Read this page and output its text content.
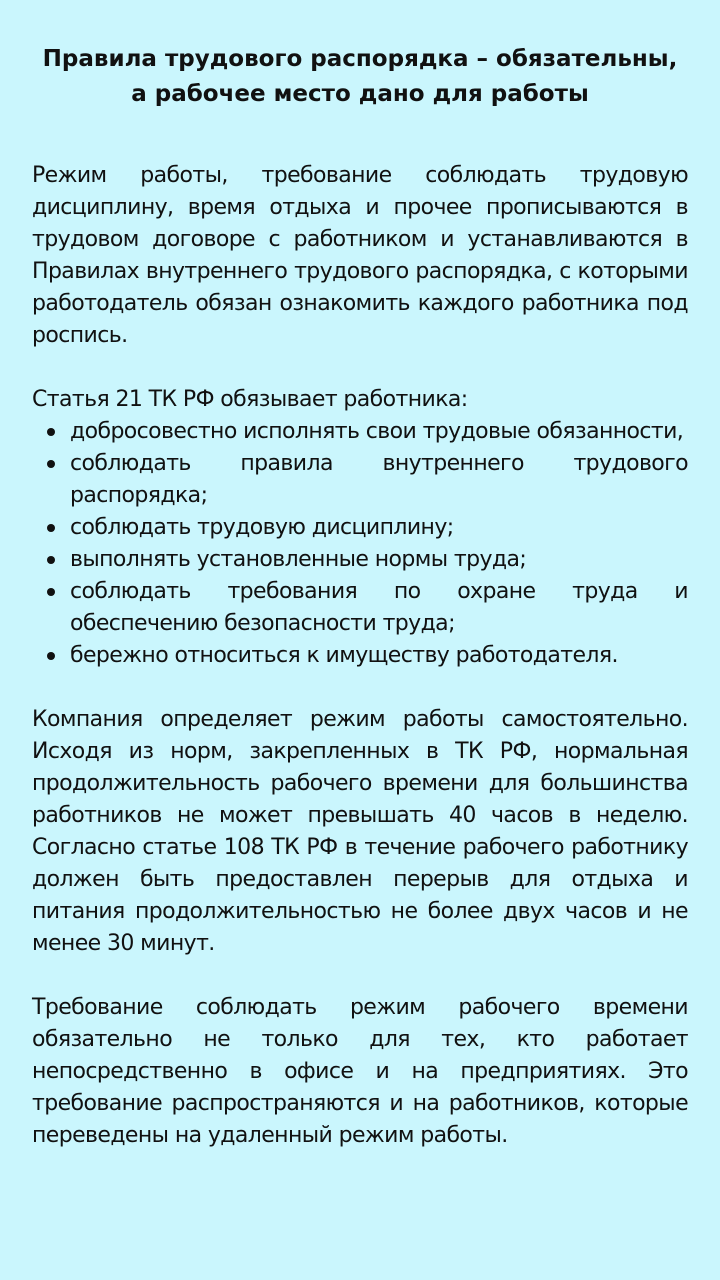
Правила трудового распорядка – обязательны, а рабочее место дано для работы

Режим работы, требование соблюдать трудовую дисциплину, время отдыха и прочее прописываются в трудовом договоре с работником и устанавливаются в Правилах внутреннего трудового распорядка, с которыми работодатель обязан ознакомить каждого работника под роспись.

Статья 21 ТК РФ обязывает работника:

добросовестно исполнять свои трудовые обязанности,
соблюдать правила внутреннего трудового распорядка;
соблюдать трудовую дисциплину;
выполнять установленные нормы труда;
соблюдать требования по охране труда и обеспечению безопасности труда;
бережно относиться к имуществу работодателя.

Компания определяет режим работы самостоятельно. Исходя из норм, закрепленных в ТК РФ, нормальная продолжительность рабочего времени для большинства работников не может превышать 40 часов в неделю. Согласно статье 108 ТК РФ в течение рабочего работнику должен быть предоставлен перерыв для отдыха и питания продолжительностью не более двух часов и не менее 30 минут.

Требование соблюдать режим рабочего времени обязательно не только для тех, кто работает непосредственно в офисе и на предприятиях. Это требование распространяются и на работников, которые переведены на удаленный режим работы.
